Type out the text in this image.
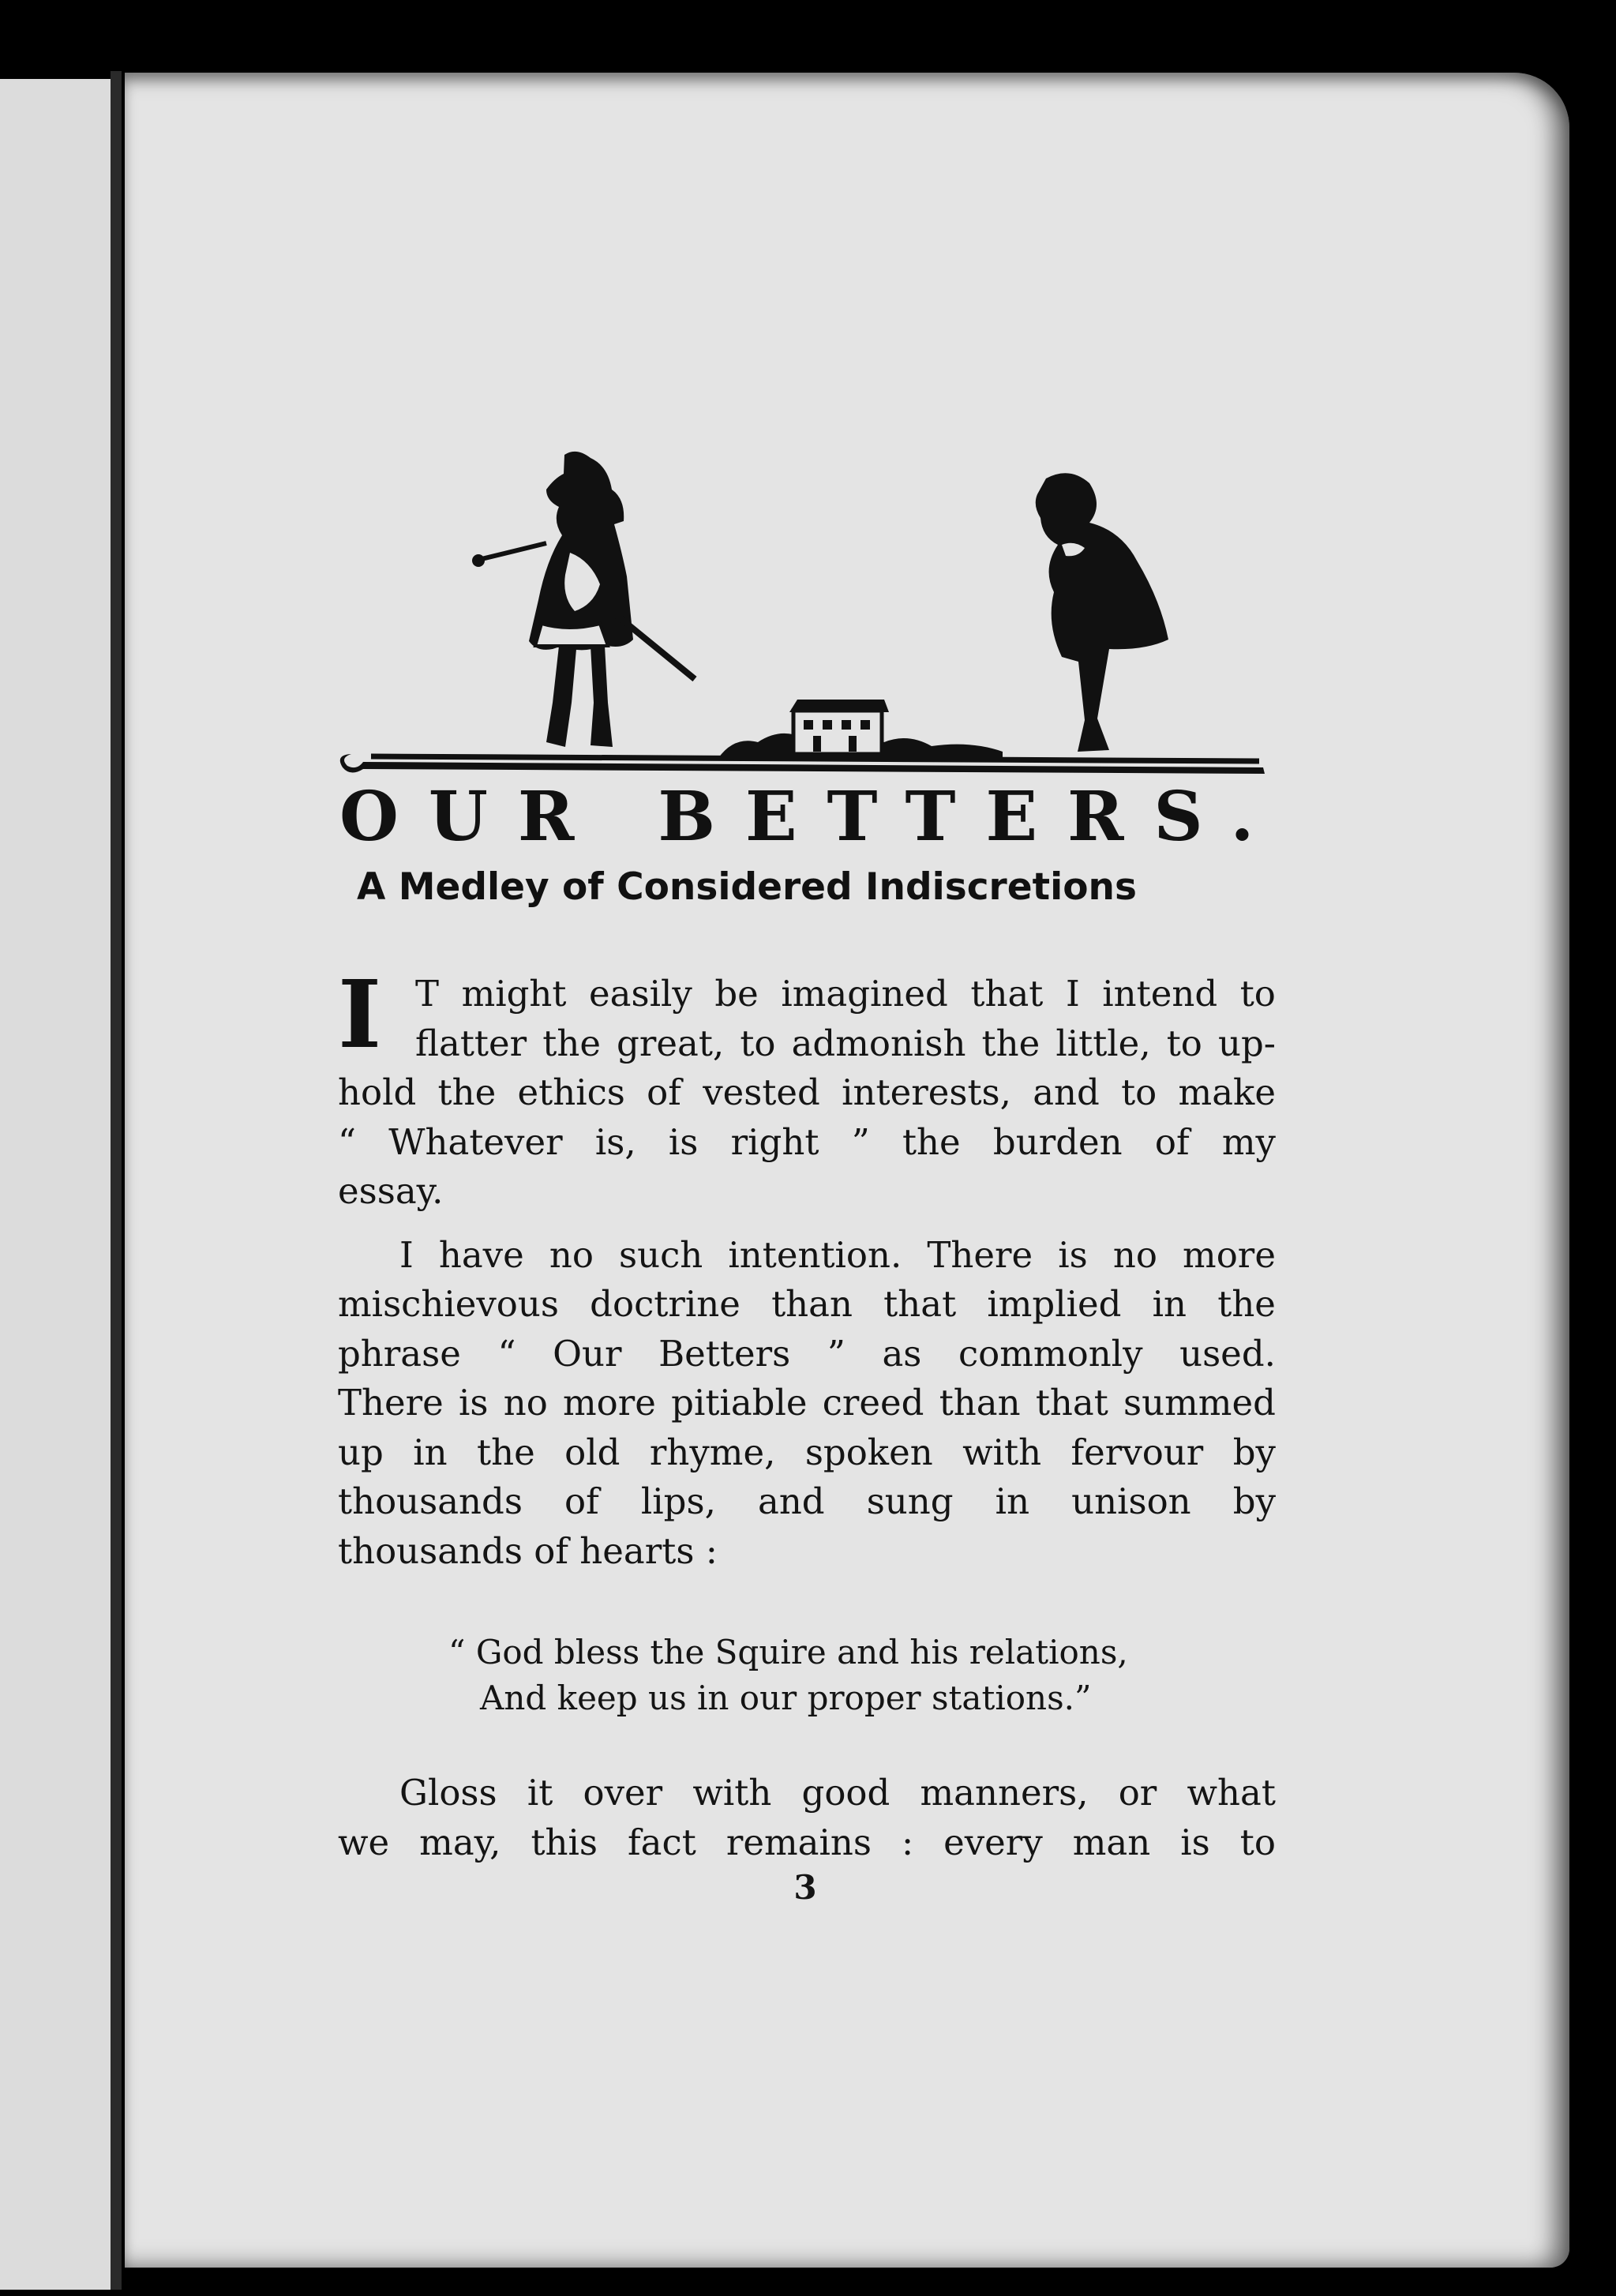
OUR BETTERS.
A Medley of Considered Indiscretions
I T might easily be imagined that I intend to
flatter the great, to admonish the little, to up-
hold the ethics of vested interests, and to make
“ Whatever is, is right ” the burden of my
essay.
I have no such intention. There is no more
mischievous doctrine than that implied in the
phrase “ Our Betters ” as commonly used.
There is no more pitiable creed than that summed
up in the old rhyme, spoken with fervour by
thousands of lips, and sung in unison by
thousands of hearts :
“ God bless the Squire and his relations,
And keep us in our proper stations.”
Gloss it over with good manners, or what
we may, this fact remains : every man is to
3
